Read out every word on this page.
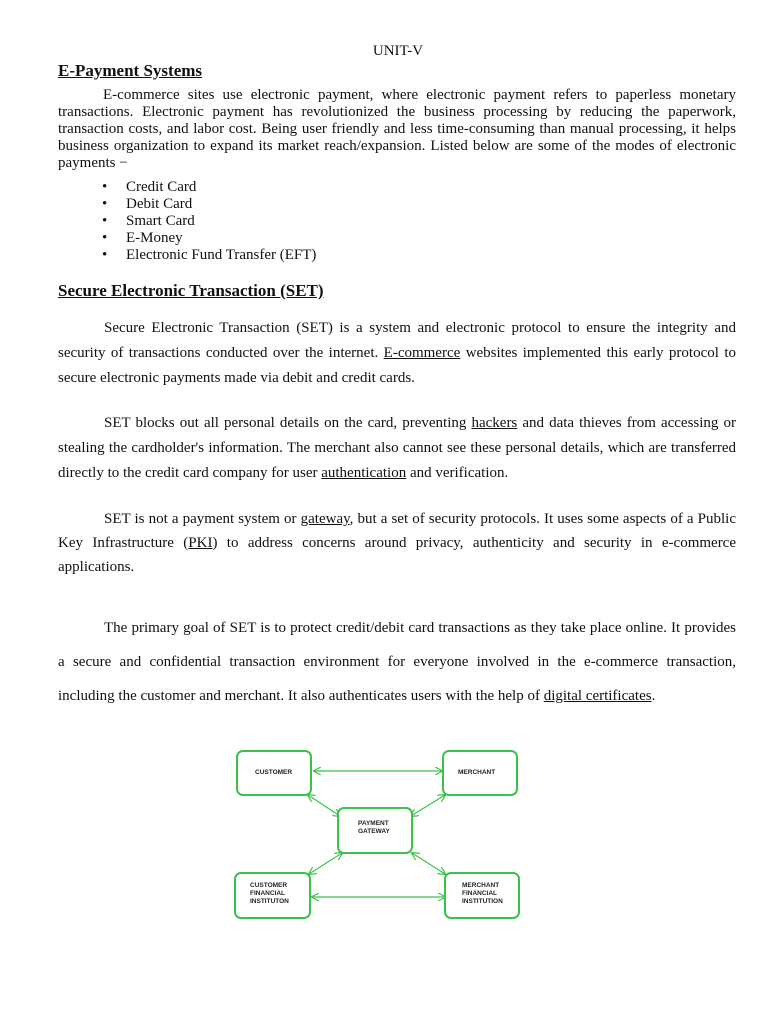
UNIT-V
E-Payment Systems

E-commerce sites use electronic payment, where electronic payment refers to paperless monetary transactions. Electronic payment has revolutionized the business processing by reducing the paperwork, transaction costs, and labor cost. Being user friendly and less time-consuming than manual processing, it helps business organization to expand its market reach/expansion. Listed below are some of the modes of electronic payments −

• Credit Card
• Debit Card
• Smart Card
• E-Money
• Electronic Fund Transfer (EFT)
Secure Electronic Transaction (SET)

Secure Electronic Transaction (SET) is a system and electronic protocol to ensure the integrity and security of transactions conducted over the internet. E-commerce websites implemented this early protocol to secure electronic payments made via debit and credit cards.

SET blocks out all personal details on the card, preventing hackers and data thieves from accessing or stealing the cardholder's information. The merchant also cannot see these personal details, which are transferred directly to the credit card company for user authentication and verification.

SET is not a payment system or gateway, but a set of security protocols. It uses some aspects of a Public Key Infrastructure (PKI) to address concerns around privacy, authenticity and security in e-commerce applications.

The primary goal of SET is to protect credit/debit card transactions as they take place online. It provides a secure and confidential transaction environment for everyone involved in the e-commerce transaction, including the customer and merchant. It also authenticates users with the help of digital certificates.

CUSTOMER	MERCHANT
PAYMENT
GATEWAY
CUSTOMER
FINANCIAL
INSTITUTON
MERCHANT
FINANCIAL
INSTITUTION
